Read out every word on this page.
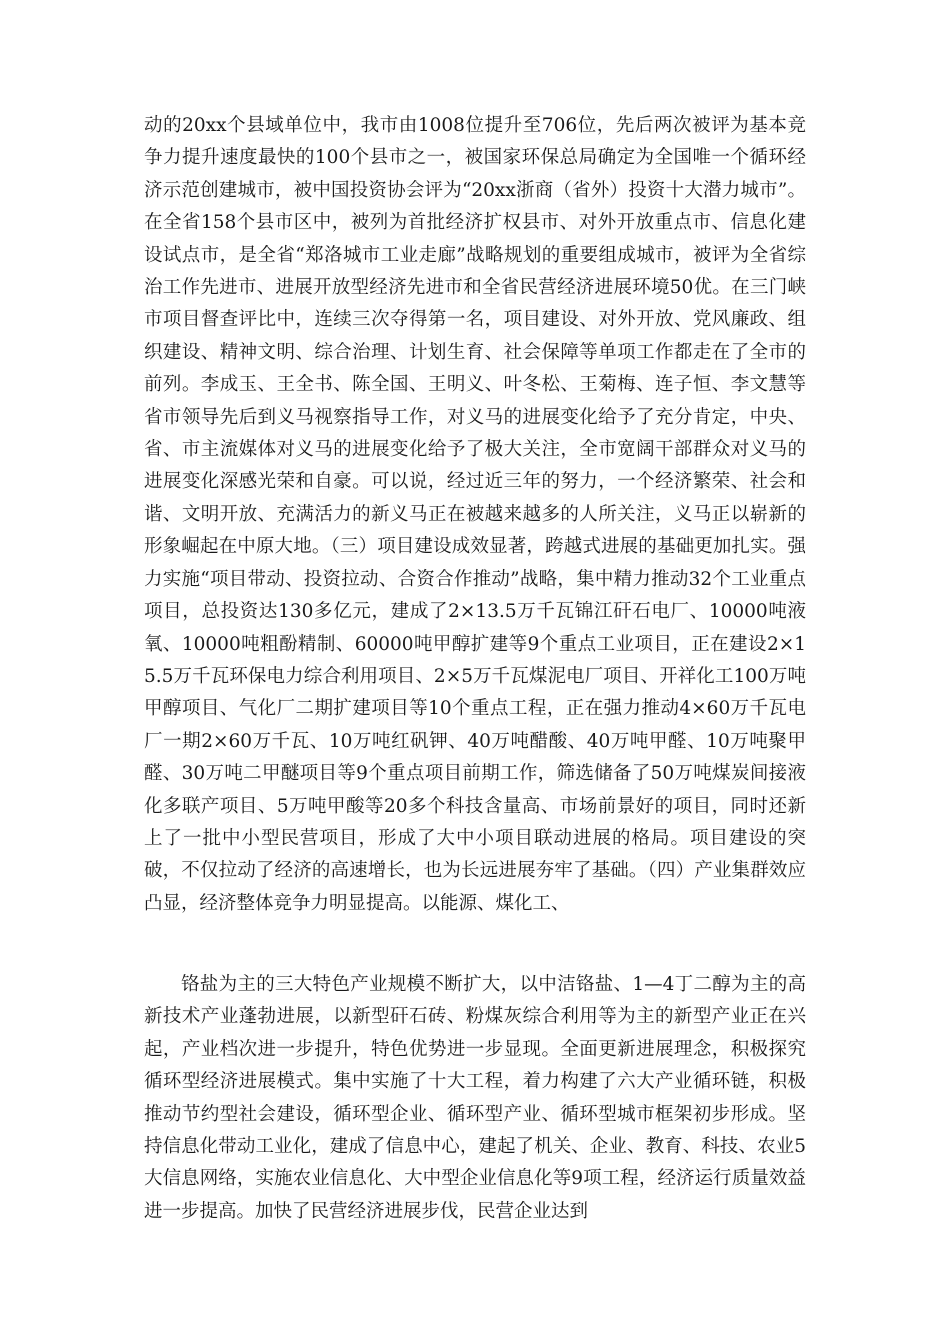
动的20xx个县域单位中，我市由1008位提升至706位，先后两次被评为基本竞争力提升速度最快的100个县市之一，被国家环保总局确定为全国唯一个循环经济示范创建城市，被中国投资协会评为“20xx浙商（省外）投资十大潜力城市”。在全省158个县市区中，被列为首批经济扩权县市、对外开放重点市、信息化建设试点市，是全省“郑洛城市工业走廊”战略规划的重要组成城市，被评为全省综治工作先进市、进展开放型经济先进市和全省民营经济进展环境50优。在三门峡市项目督查评比中，连续三次夺得第一名，项目建设、对外开放、党风廉政、组织建设、精神文明、综合治理、计划生育、社会保障等单项工作都走在了全市的前列。李成玉、王全书、陈全国、王明义、叶冬松、王菊梅、连子恒、李文慧等省市领导先后到义马视察指导工作，对义马的进展变化给予了充分肯定，中央、省、市主流媒体对义马的进展变化给予了极大关注，全市宽阔干部群众对义马的进展变化深感光荣和自豪。可以说，经过近三年的努力，一个经济繁荣、社会和谐、文明开放、充满活力的新义马正在被越来越多的人所关注，义马正以崭新的形象崛起在中原大地。（三）项目建设成效显著，跨越式进展的基础更加扎实。强力实施“项目带动、投资拉动、合资合作推动”战略，集中精力推动32个工业重点项目，总投资达130多亿元，建成了2×13.5万千瓦锦江矸石电厂、10000吨液氧、10000吨粗酚精制、60000吨甲醇扩建等9个重点工业项目，正在建设2×15.5万千瓦环保电力综合利用项目、2×5万千瓦煤泥电厂项目、开祥化工100万吨甲醇项目、气化厂二期扩建项目等10个重点工程，正在强力推动4×60万千瓦电厂一期2×60万千瓦、10万吨红矾钾、40万吨醋酸、40万吨甲醛、10万吨聚甲醛、30万吨二甲醚项目等9个重点项目前期工作，筛选储备了50万吨煤炭间接液化多联产项目、5万吨甲酸等20多个科技含量高、市场前景好的项目，同时还新上了一批中小型民营项目，形成了大中小项目联动进展的格局。项目建设的突破，不仅拉动了经济的高速增长，也为长远进展夯牢了基础。（四）产业集群效应凸显，经济整体竞争力明显提高。以能源、煤化工、

铬盐为主的三大特色产业规模不断扩大，以中洁铬盐、1—4丁二醇为主的高新技术产业蓬勃进展，以新型矸石砖、粉煤灰综合利用等为主的新型产业正在兴起，产业档次进一步提升，特色优势进一步显现。全面更新进展理念，积极探究循环型经济进展模式。集中实施了十大工程，着力构建了六大产业循环链，积极推动节约型社会建设，循环型企业、循环型产业、循环型城市框架初步形成。坚持信息化带动工业化，建成了信息中心，建起了机关、企业、教育、科技、农业5大信息网络，实施农业信息化、大中型企业信息化等9项工程，经济运行质量效益进一步提高。加快了民营经济进展步伐，民营企业达到
